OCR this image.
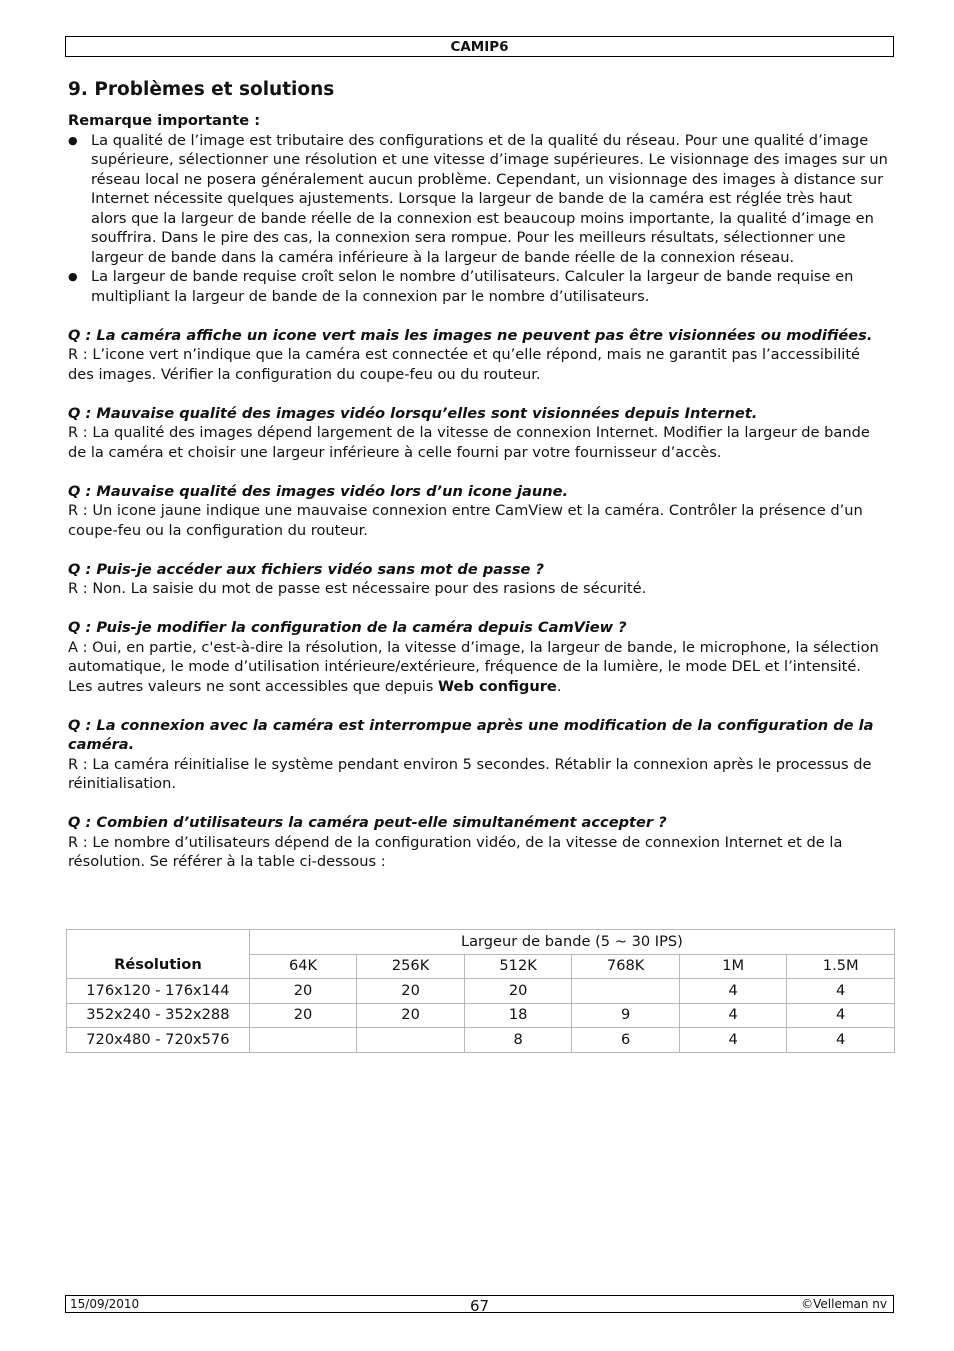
CAMIP6
9. Problèmes et solutions

Remarque importante :

● La qualité de l’image est tributaire des configurations et de la qualité du réseau. Pour une qualité d’image supérieure, sélectionner une résolution et une vitesse d’image supérieures. Le visionnage des images sur un réseau local ne posera généralement aucun problème. Cependant, un visionnage des images à distance sur Internet nécessite quelques ajustements. Lorsque la largeur de bande de la caméra est réglée très haut alors que la largeur de bande réelle de la connexion est beaucoup moins importante, la qualité d’image en souffrira. Dans le pire des cas, la connexion sera rompue. Pour les meilleurs résultats, sélectionner une largeur de bande dans la caméra inférieure à la largeur de bande réelle de la connexion réseau.
● La largeur de bande requise croît selon le nombre d’utilisateurs. Calculer la largeur de bande requise en multipliant la largeur de bande de la connexion par le nombre d’utilisateurs.

Q : La caméra affiche un icone vert mais les images ne peuvent pas être visionnées ou modifiées.

R : L’icone vert n’indique que la caméra est connectée et qu’elle répond, mais ne garantit pas l’accessibilité des images. Vérifier la configuration du coupe-feu ou du routeur.

Q : Mauvaise qualité des images vidéo lorsqu’elles sont visionnées depuis Internet.

R : La qualité des images dépend largement de la vitesse de connexion Internet. Modifier la largeur de bande de la caméra et choisir une largeur inférieure à celle fourni par votre fournisseur d’accès.

Q : Mauvaise qualité des images vidéo lors d’un icone jaune.

R : Un icone jaune indique une mauvaise connexion entre CamView et la caméra. Contrôler la présence d’un coupe-feu ou la configuration du routeur.

Q : Puis-je accéder aux fichiers vidéo sans mot de passe ?

R : Non. La saisie du mot de passe est nécessaire pour des rasions de sécurité.

Q : Puis-je modifier la configuration de la caméra depuis CamView ?

A : Oui, en partie, c'est-à-dire la résolution, la vitesse d’image, la largeur de bande, le microphone, la sélection automatique, le mode d’utilisation intérieure/extérieure, fréquence de la lumière, le mode DEL et l’intensité. Les autres valeurs ne sont accessibles que depuis Web configure.

Q : La connexion avec la caméra est interrompue après une modification de la configuration de la caméra.

R : La caméra réinitialise le système pendant environ 5 secondes. Rétablir la connexion après le processus de réinitialisation.

Q : Combien d’utilisateurs la caméra peut-elle simultanément accepter ?

R : Le nombre d’utilisateurs dépend de la configuration vidéo, de la vitesse de connexion Internet et de la résolution. Se référer à la table ci-dessous :

Résolution	Largeur de bande (5 ~ 30 IPS)					
	64K	256K	512K	768K	1M	1.5M
176x120 - 176x144	20	20	20		4	4
352x240 - 352x288	20	20	18	9	4	4
720x480 - 720x576			8	6	4	4
15/09/2010	67	©Velleman nv
